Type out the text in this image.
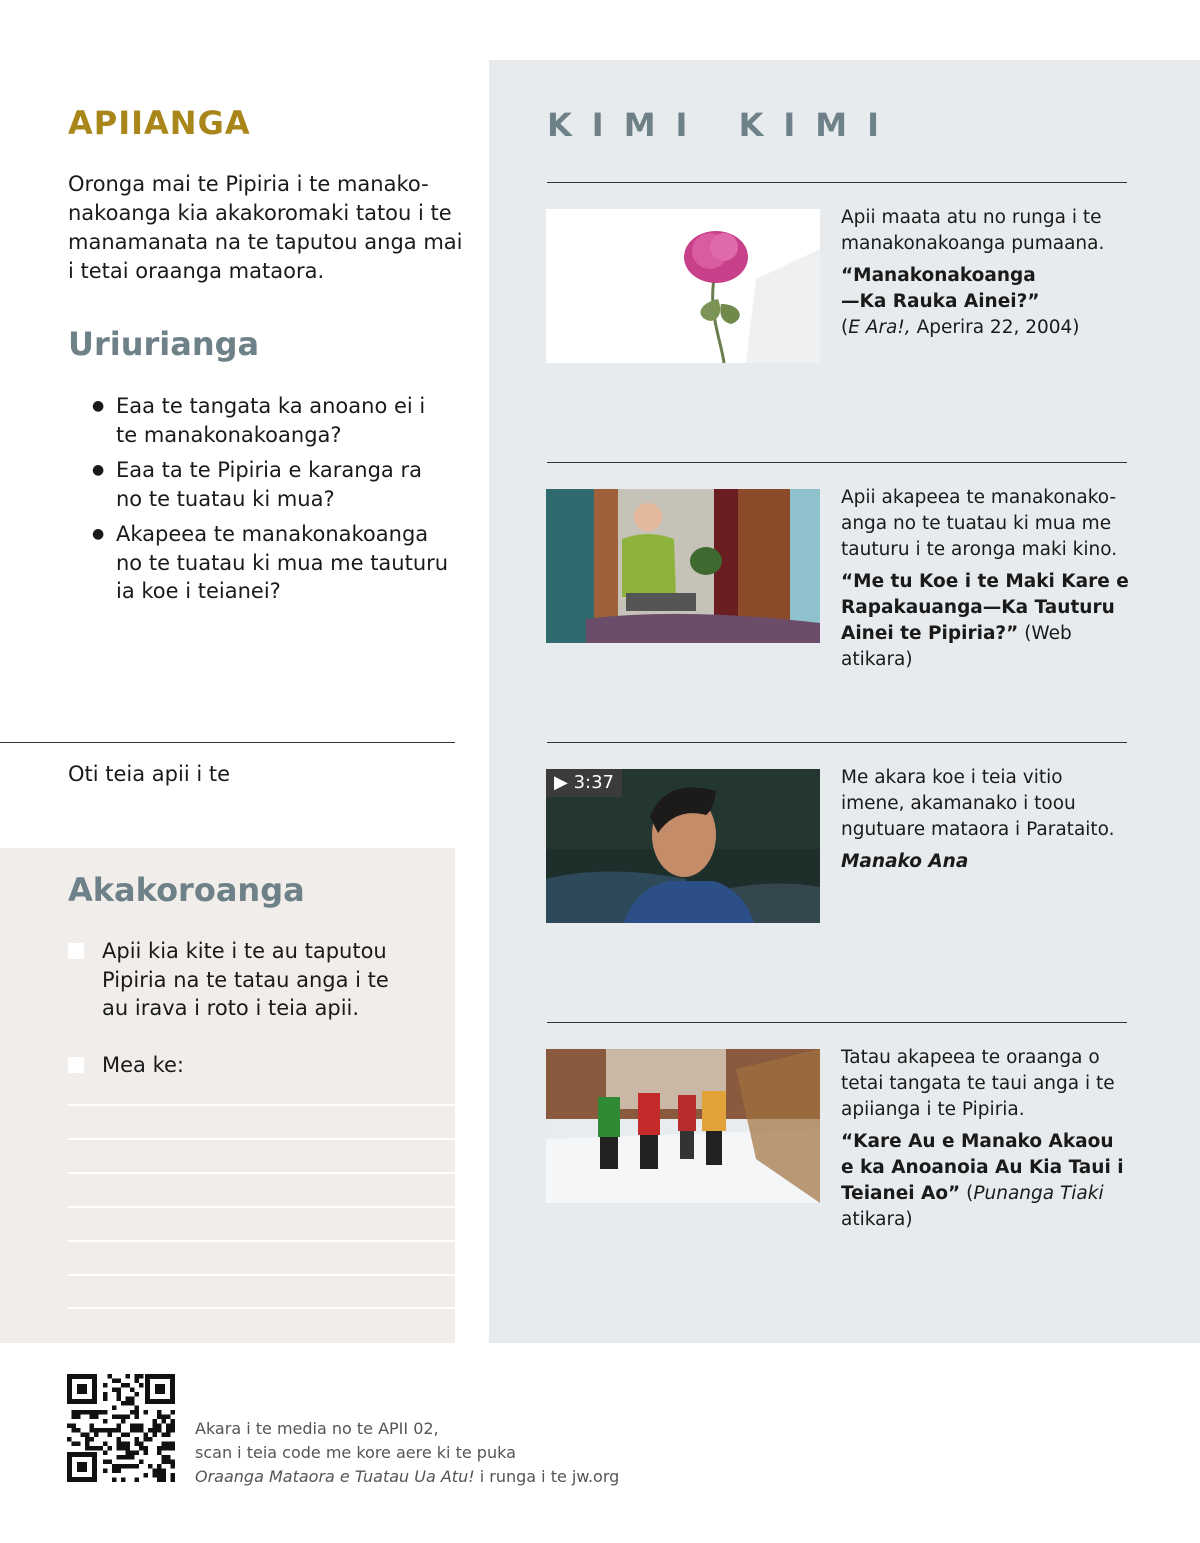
APIIANGA
Oronga mai te Pipiria i te manako-nakoanga kia akakoromaki tatou i te manamanata na te taputou anga mai i tetai oraanga mataora.
Uriurianga
● Eaa te tangata ka anoano ei i te manakonakoanga?
● Eaa ta te Pipiria e karanga ra no te tuatau ki mua?
● Akapeea te manakonakoanga no te tuatau ki mua me tauturu ia koe i teianei?
Oti teia apii i te
Akakoroanga
Apii kia kite i te au taputou Pipiria na te tatau anga i te au irava i roto i teia apii.
Mea ke:
KIMI KIMI
Apii maata atu no runga i te manakonakoanga pumaana.
“Manakonakoanga —Ka Rauka Ainei?”
(E Ara!, Aperira 22, 2004)
Apii akapeea te manakonako-anga no te tuatau ki mua me tauturu i te aronga maki kino.
“Me tu Koe i te Maki Kare e Rapakauanga—Ka Tauturu Ainei te Pipiria?” (Web atikara)
▶ 3:37	Me akara koe i teia vitio imene, akamanako i toou ngutuare mataora i Parataito.
Manako Ana
Tatau akapeea te oraanga o tetai tangata te taui anga i te apiianga i te Pipiria.
“Kare Au e Manako Akaou e ka Anoanoia Au Kia Taui i Teianei Ao” (Punanga Tiaki atikara)
Akara i te media no te APII 02,
scan i teia code me kore aere ki te puka
Oraanga Mataora e Tuatau Ua Atu! i runga i te jw.org
